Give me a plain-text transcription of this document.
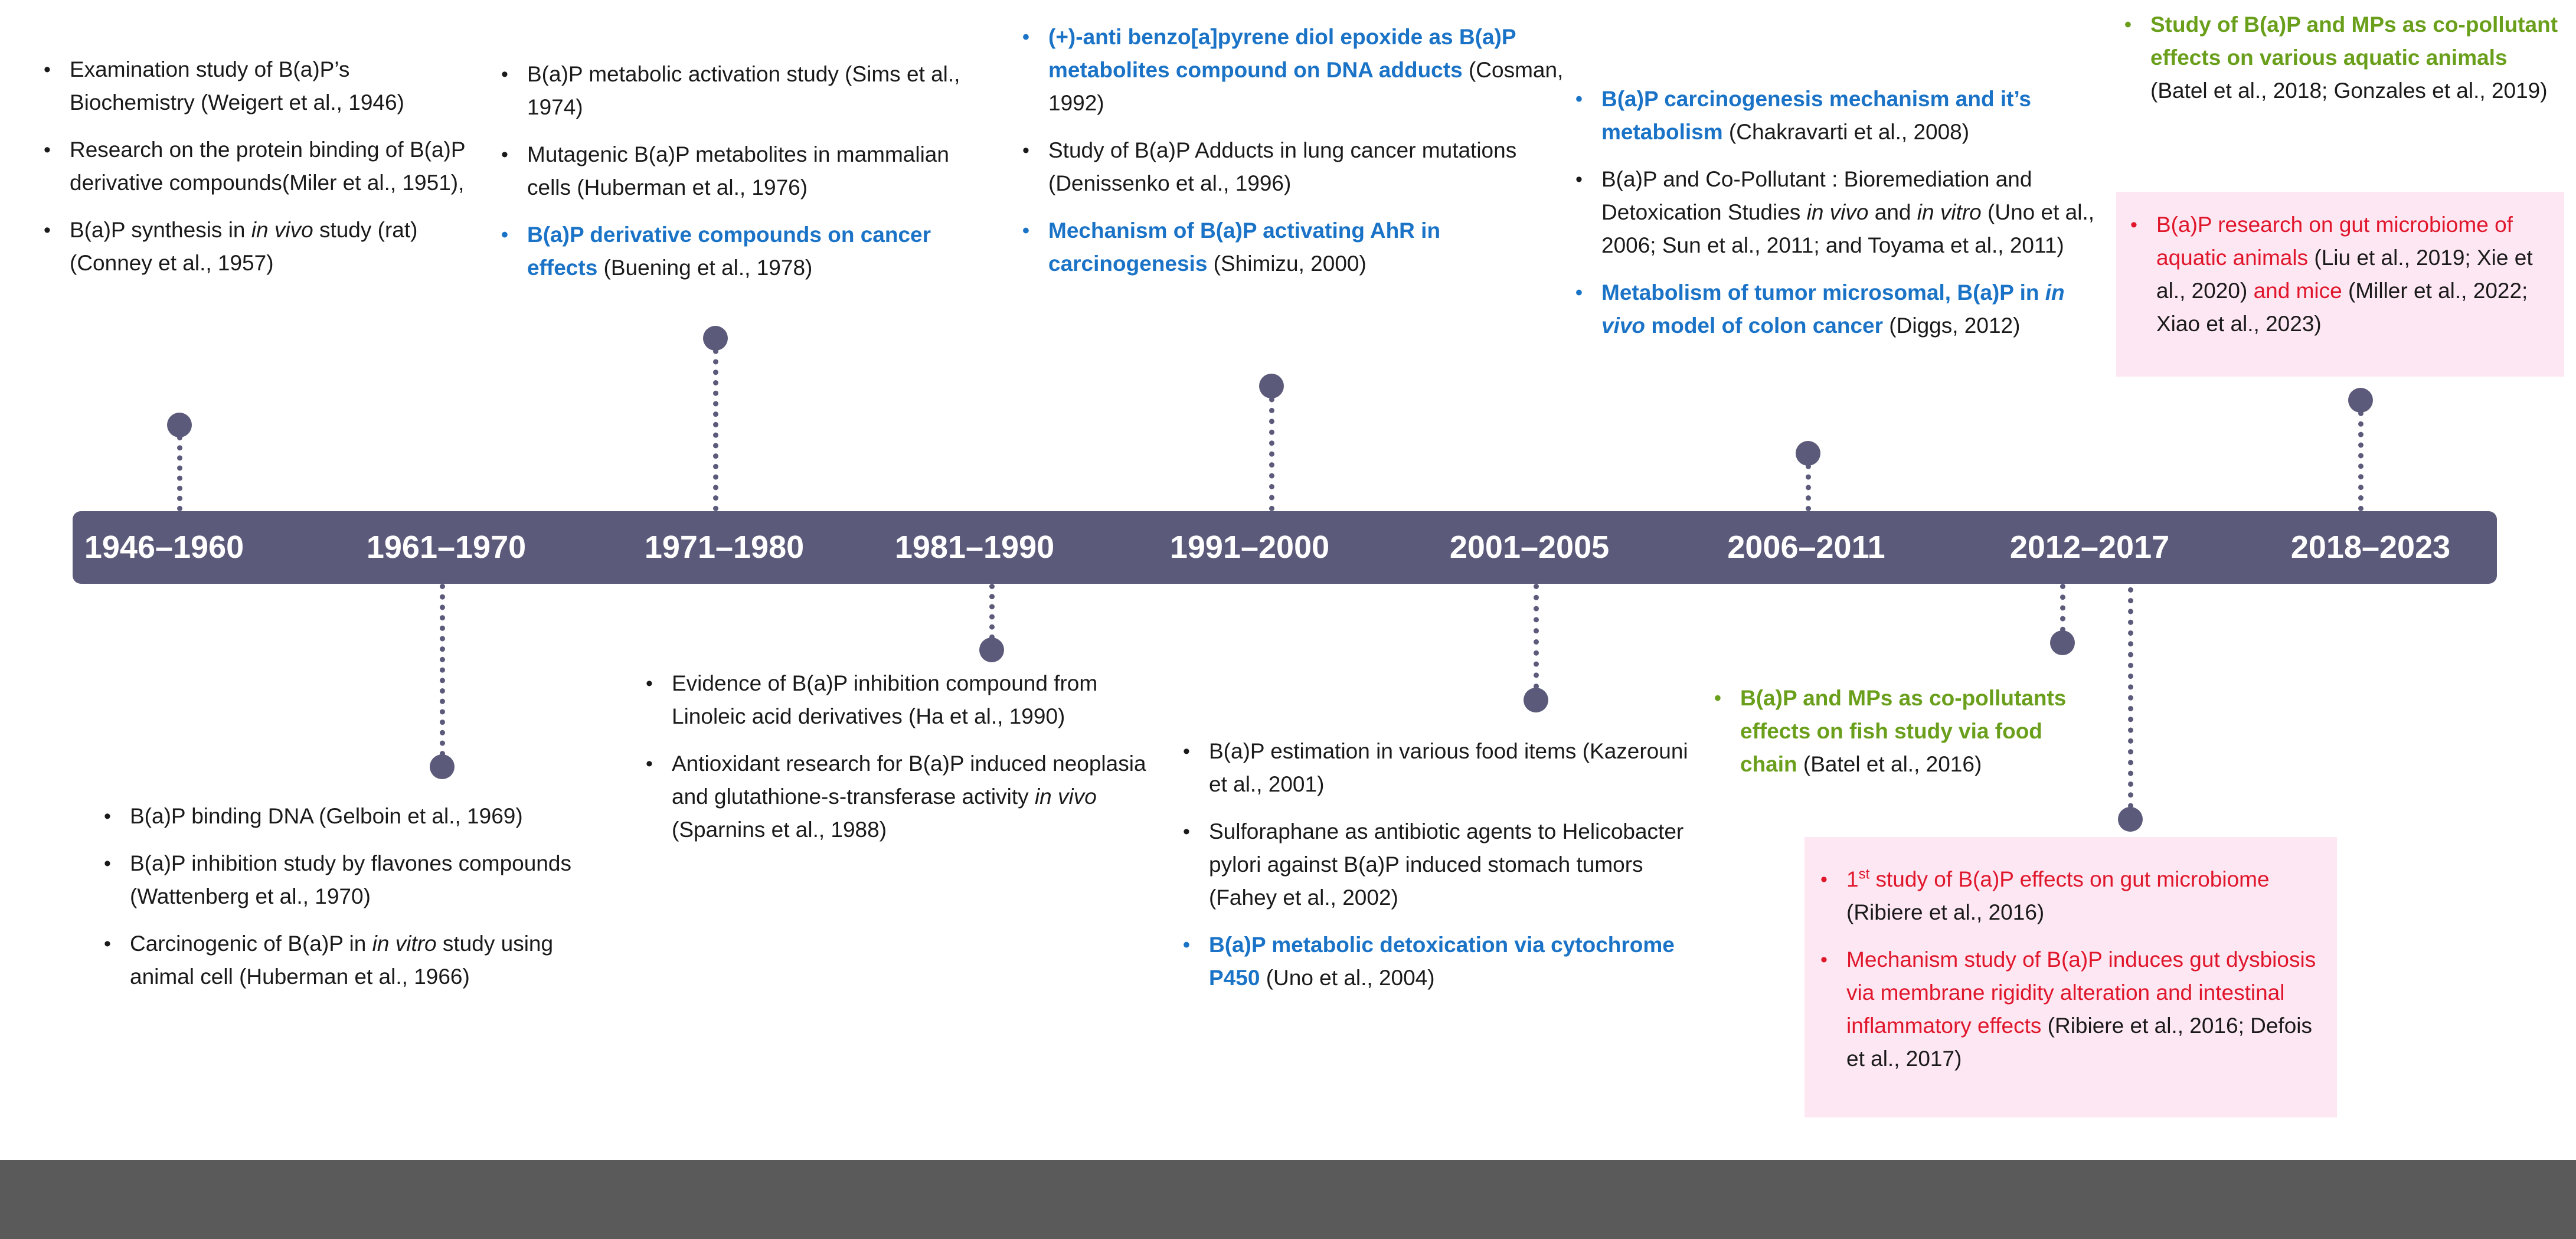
1946–1960	1961–1970	1971–1980	1981–1990	1991–2000	2001–2005	2006–2011	2012–2017	2018–2023
• Examination study of B(a)P’s Biochemistry (Weigert et al., 1946)
• Research on the protein binding of B(a)P derivative compounds(Miler et al., 1951),
• B(a)P synthesis in in vivo study (rat) (Conney et al., 1957)
• B(a)P binding DNA (Gelboin et al., 1969)
• B(a)P inhibition study by flavones compounds (Wattenberg et al., 1970)
• Carcinogenic of B(a)P in in vitro study using animal cell (Huberman et al., 1966)
• B(a)P metabolic activation study (Sims et al., 1974)
• Mutagenic B(a)P metabolites in mammalian cells (Huberman et al., 1976)
• B(a)P derivative compounds on cancer effects (Buening et al., 1978)
• Evidence of B(a)P inhibition compound from Linoleic acid derivatives (Ha et al., 1990)
• Antioxidant research for B(a)P induced neoplasia and glutathione-s-transferase activity in vivo (Sparnins et al., 1988)
• (+)-anti benzo[a]pyrene diol epoxide as B(a)P metabolites compound on DNA adducts (Cosman, 1992)
• Study of B(a)P Adducts in lung cancer mutations (Denissenko et al., 1996)
• Mechanism of B(a)P activating AhR in carcinogenesis (Shimizu, 2000)
• B(a)P estimation in various food items (Kazerouni et al., 2001)
• Sulforaphane as antibiotic agents to Helicobacter pylori against B(a)P induced stomach tumors (Fahey et al., 2002)
• B(a)P metabolic detoxication via cytochrome P450 (Uno et al., 2004)
• B(a)P carcinogenesis mechanism and it’s metabolism (Chakravarti et al., 2008)
• B(a)P and Co-Pollutant : Bioremediation and Detoxication Studies in vivo and in vitro (Uno et al., 2006; Sun et al., 2011; and Toyama et al., 2011)
• Metabolism of tumor microsomal, B(a)P in in vivo model of colon cancer (Diggs, 2012)
• B(a)P and MPs as co-pollutants effects on fish study via food chain (Batel et al., 2016)
• 1st study of B(a)P effects on gut microbiome (Ribiere et al., 2016)
• Mechanism study of B(a)P induces gut dysbiosis via membrane rigidity alteration and intestinal inflammatory effects (Ribiere et al., 2016; Defois et al., 2017)
• Study of B(a)P and MPs as co-pollutant effects on various aquatic animals (Batel et al., 2018; Gonzales et al., 2019)
• B(a)P research on gut microbiome of aquatic animals (Liu et al., 2019; Xie et al., 2020) and mice (Miller et al., 2022; Xiao et al., 2023)
